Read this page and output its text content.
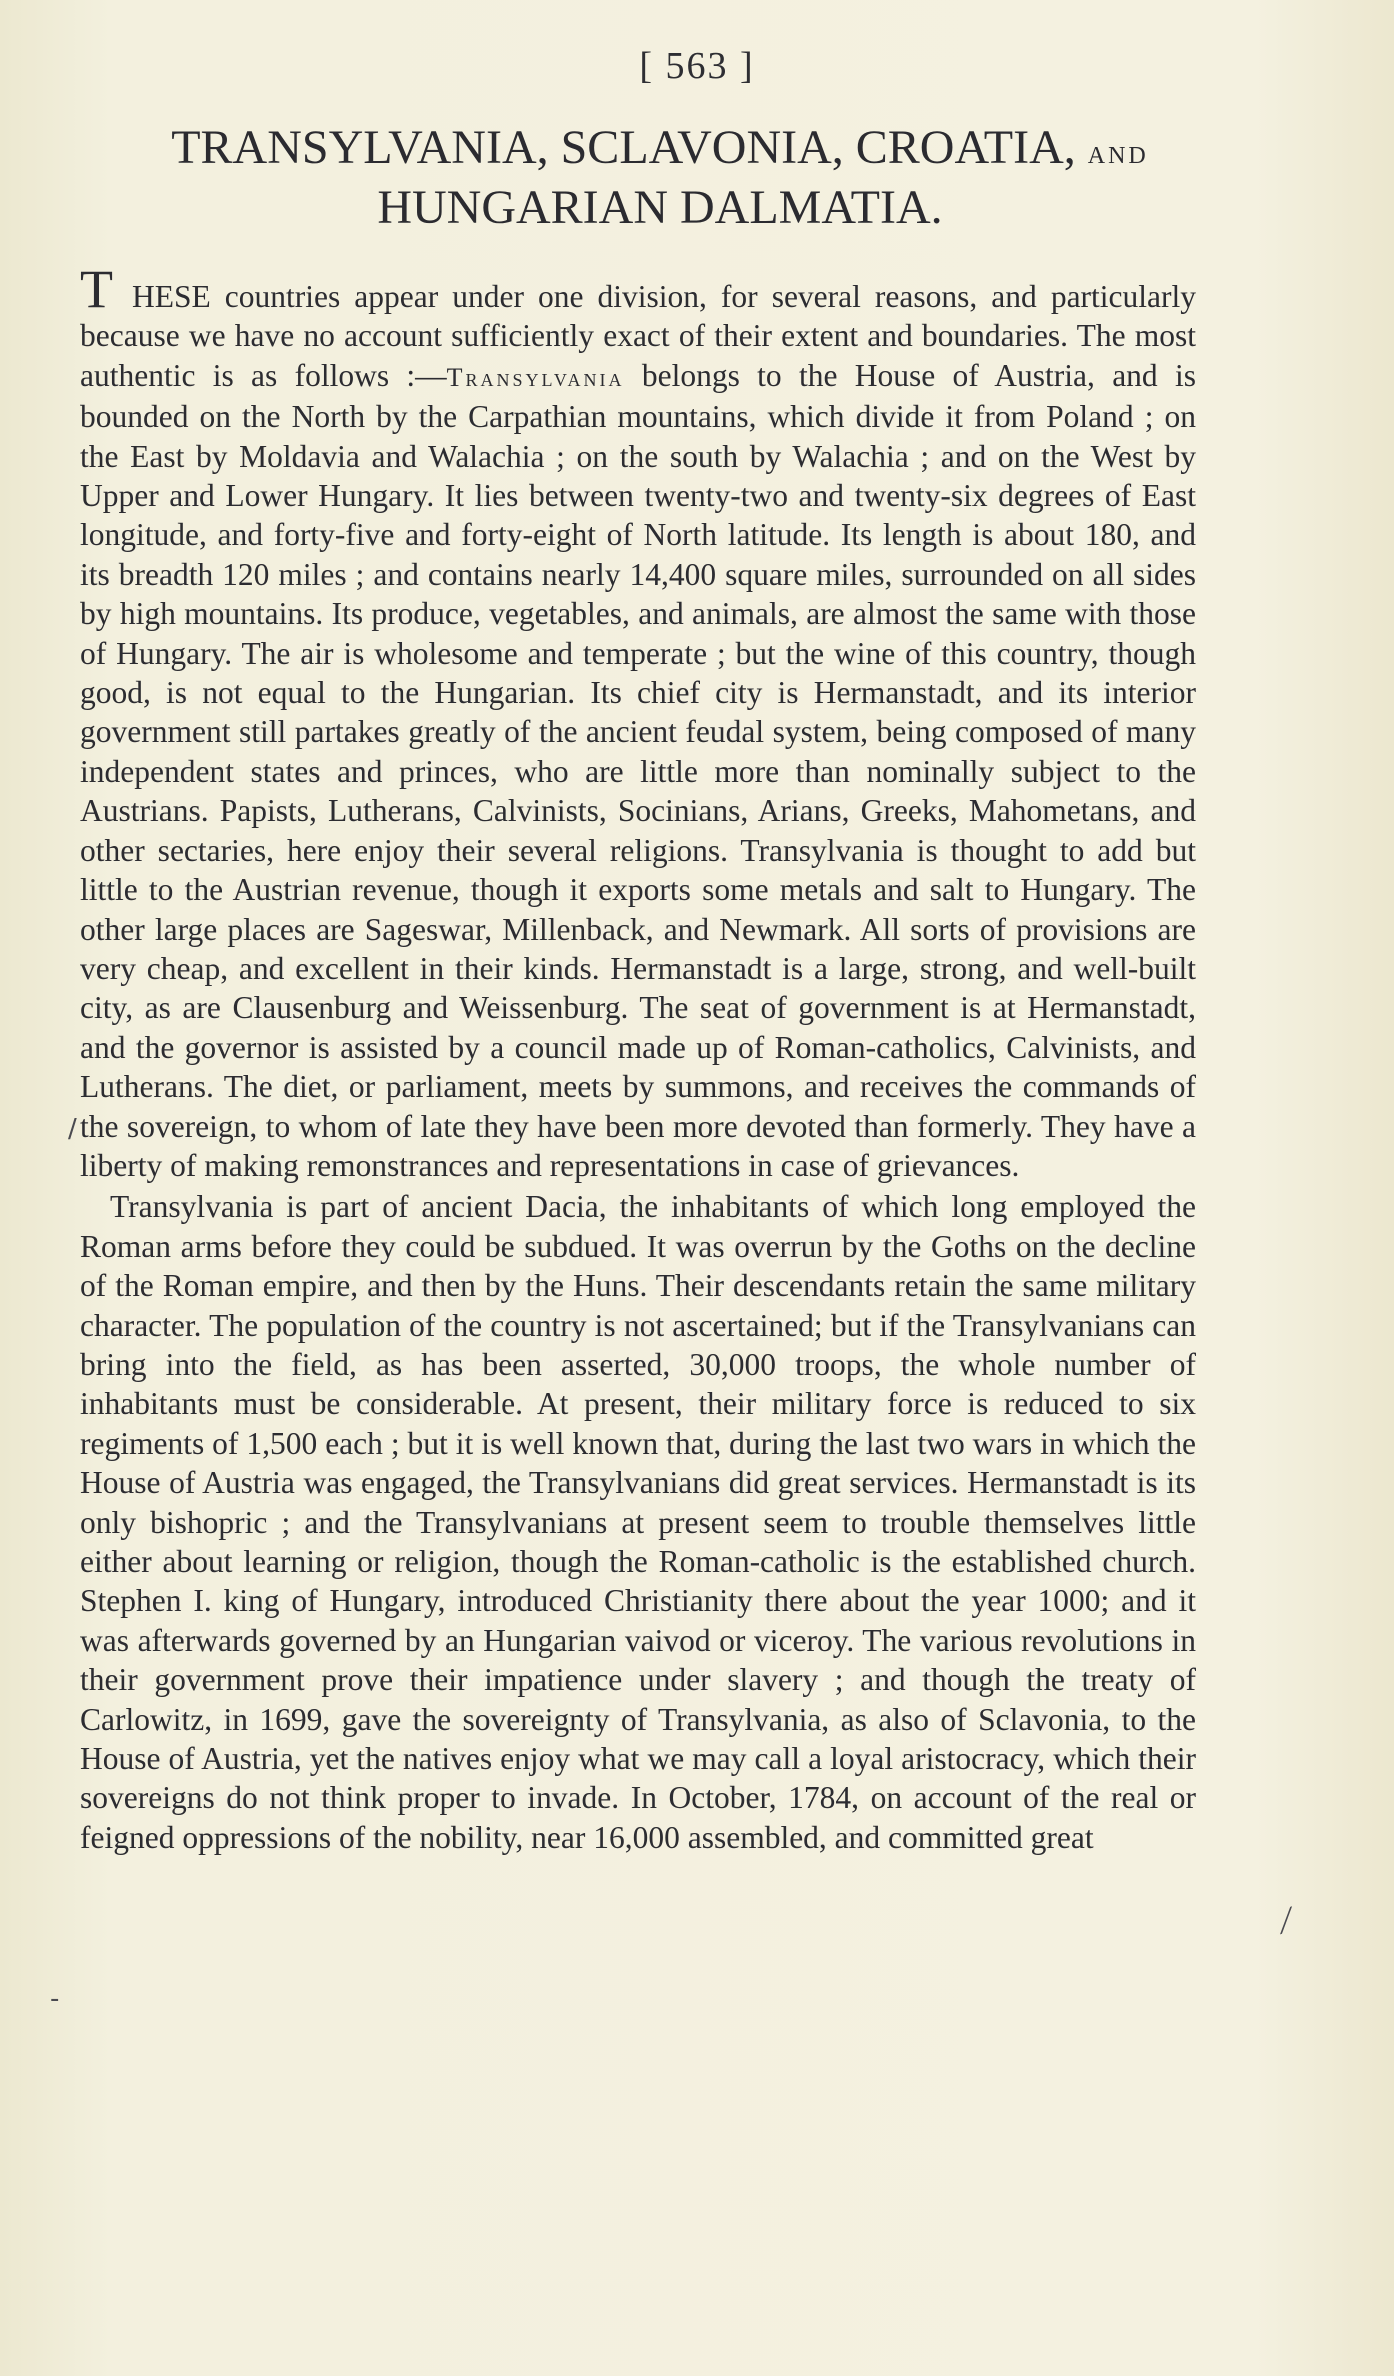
[ 563 ]
TRANSYLVANIA, SCLAVONIA, CROATIA, AND
HUNGARIAN DALMATIA.

THESE countries appear under one division, for several reasons, and particularly because we have no account sufficiently exact of their extent and boundaries. The most authentic is as follows :—Transylvania belongs to the House of Austria, and is bounded on the North by the Carpathian mountains, which divide it from Poland ; on the East by Moldavia and Walachia ; on the south by Walachia ; and on the West by Upper and Lower Hungary. It lies between twenty-two and twenty-six degrees of East longitude, and forty-five and forty-eight of North latitude. Its length is about 180, and its breadth 120 miles ; and contains nearly 14,400 square miles, surrounded on all sides by high mountains. Its produce, vegetables, and animals, are almost the same with those of Hungary. The air is wholesome and temperate ; but the wine of this country, though good, is not equal to the Hungarian. Its chief city is Hermanstadt, and its interior government still partakes greatly of the ancient feudal system, being composed of many independent states and princes, who are little more than nominally subject to the Austrians. Papists, Lutherans, Calvinists, Socinians, Arians, Greeks, Mahometans, and other sectaries, here enjoy their several religions. Transylvania is thought to add but little to the Austrian revenue, though it exports some metals and salt to Hungary. The other large places are Sageswar, Millenback, and Newmark. All sorts of provisions are very cheap, and excellent in their kinds. Hermanstadt is a large, strong, and well-built city, as are Clausenburg and Weissenburg. The seat of government is at Hermanstadt, and the governor is assisted by a council made up of Roman-catholics, Calvinists, and Lutherans. The diet, or parliament, meets by summons, and receives the commands of the sovereign, to whom of late they have been more devoted than formerly. They have a liberty of making remonstrances and representations in case of grievances.

Transylvania is part of ancient Dacia, the inhabitants of which long employed the Roman arms before they could be subdued. It was overrun by the Goths on the decline of the Roman empire, and then by the Huns. Their descendants retain the same military character. The population of the country is not ascertained; but if the Transylvanians can bring into the field, as has been asserted, 30,000 troops, the whole number of inhabitants must be considerable. At present, their military force is reduced to six regiments of 1,500 each ; but it is well known that, during the last two wars in which the House of Austria was engaged, the Transylvanians did great services. Hermanstadt is its only bishopric ; and the Transylvanians at present seem to trouble themselves little either about learning or religion, though the Roman-catholic is the established church. Stephen I. king of Hungary, introduced Christianity there about the year 1000; and it was afterwards governed by an Hungarian vaivod or viceroy. The various revolutions in their government prove their impatience under slavery ; and though the treaty of Carlowitz, in 1699, gave the sovereignty of Transylvania, as also of Sclavonia, to the House of Austria, yet the natives enjoy what we may call a loyal aristocracy, which their sovereigns do not think proper to invade. In October, 1784, on account of the real or feigned oppressions of the nobility, near 16,000 assembled, and committed great

/
⟋
-
